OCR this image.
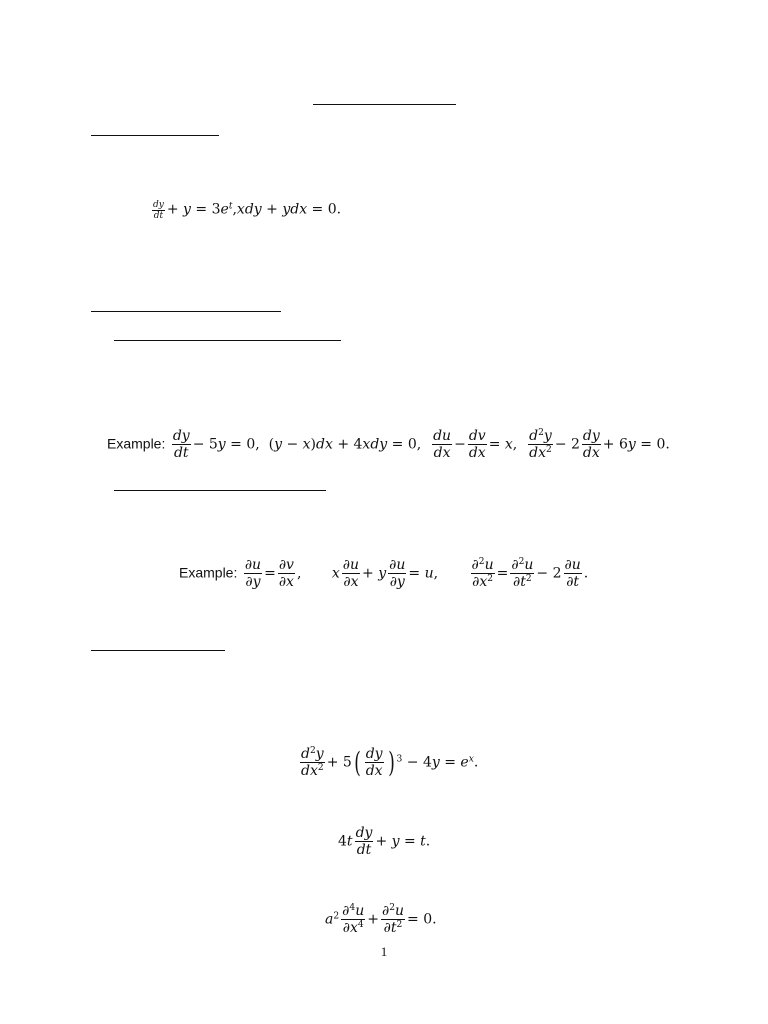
$\frac{dy}{dt} + y = 3e^t,xdy$ + ydx = 0.
Example: $\frac{dy}{dt} - 5y = 0$, (y − x)dx + 4xdy = 0, $\frac{du}{dx} - \frac{dv}{dx} = x$, $\frac{d^2y}{dx^2} - 2 \frac{dy}{dx} + 6y = 0$.
Example: $\frac{\partial u}{\partial y} = \frac{\partial v}{\partial x}$ , x $\frac{\partial u}{\partial x} + y \frac{\partial u}{\partial y} = u$, $\frac{\partial^2u}{\partial x^2} = \frac{\partial^2u}{\partial t^2} - 2 \frac{\partial u}{\partial t}$ .
$\frac{d^2y}{dx^2} + 5( \frac{dy}{dx}$ ) $^3 - 4y = e^x$.
$4t \frac{dy}{dt} + y = t$.
$a^2 \frac{\partial^4u}{\partial x^4} + \frac{\partial^2u}{\partial t^2} = 0$.
1
